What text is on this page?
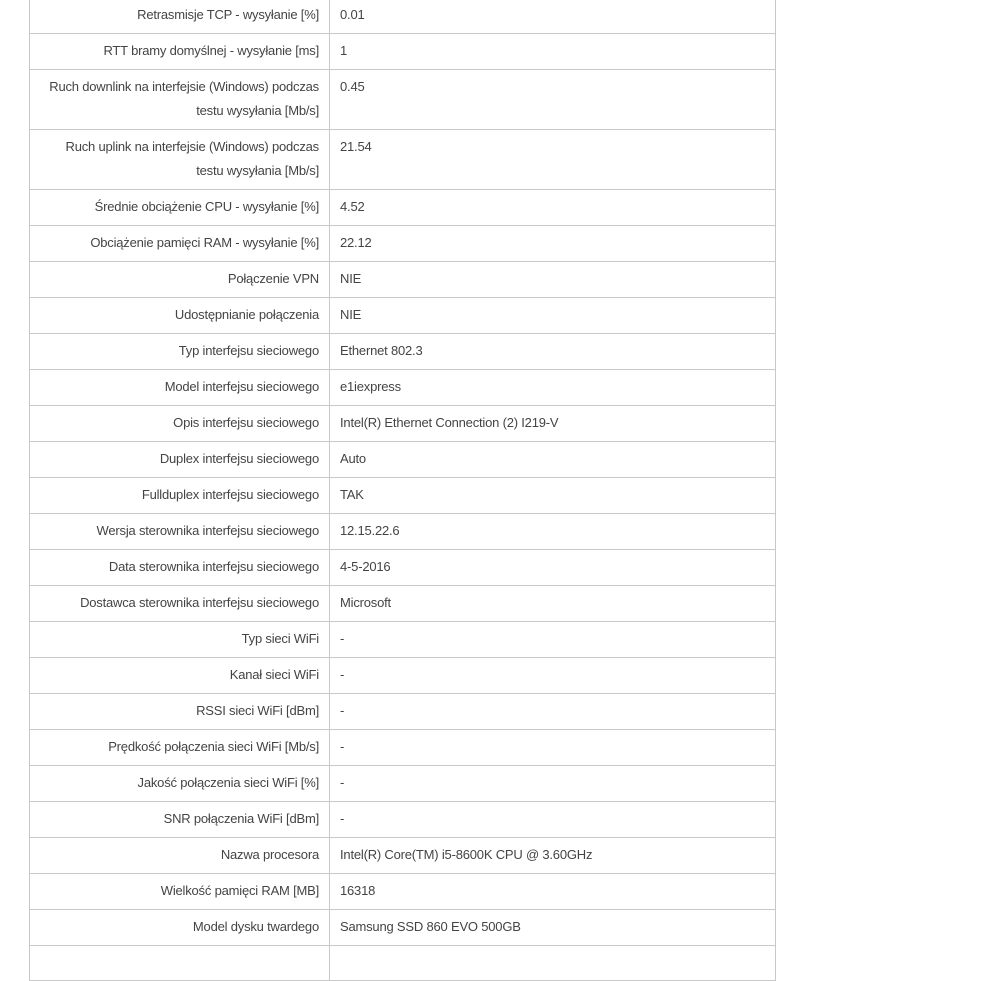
Retrasmisje TCP - wysyłanie [%]	0.01
RTT bramy domyślnej - wysyłanie [ms]	1
Ruch downlink na interfejsie (Windows) podczas testu wysyłania [Mb/s]	0.45
Ruch uplink na interfejsie (Windows) podczas testu wysyłania [Mb/s]	21.54
Średnie obciążenie CPU - wysyłanie [%]	4.52
Obciążenie pamięci RAM - wysyłanie [%]	22.12
Połączenie VPN	NIE
Udostępnianie połączenia	NIE
Typ interfejsu sieciowego	Ethernet 802.3
Model interfejsu sieciowego	e1iexpress
Opis interfejsu sieciowego	Intel(R) Ethernet Connection (2) I219-V
Duplex interfejsu sieciowego	Auto
Fullduplex interfejsu sieciowego	TAK
Wersja sterownika interfejsu sieciowego	12.15.22.6
Data sterownika interfejsu sieciowego	4-5-2016
Dostawca sterownika interfejsu sieciowego	Microsoft
Typ sieci WiFi	-
Kanał sieci WiFi	-
RSSI sieci WiFi [dBm]	-
Prędkość połączenia sieci WiFi [Mb/s]	-
Jakość połączenia sieci WiFi [%]	-
SNR połączenia WiFi [dBm]	-
Nazwa procesora	Intel(R) Core(TM) i5-8600K CPU @ 3.60GHz
Wielkość pamięci RAM [MB]	16318
Model dysku twardego	Samsung SSD 860 EVO 500GB
